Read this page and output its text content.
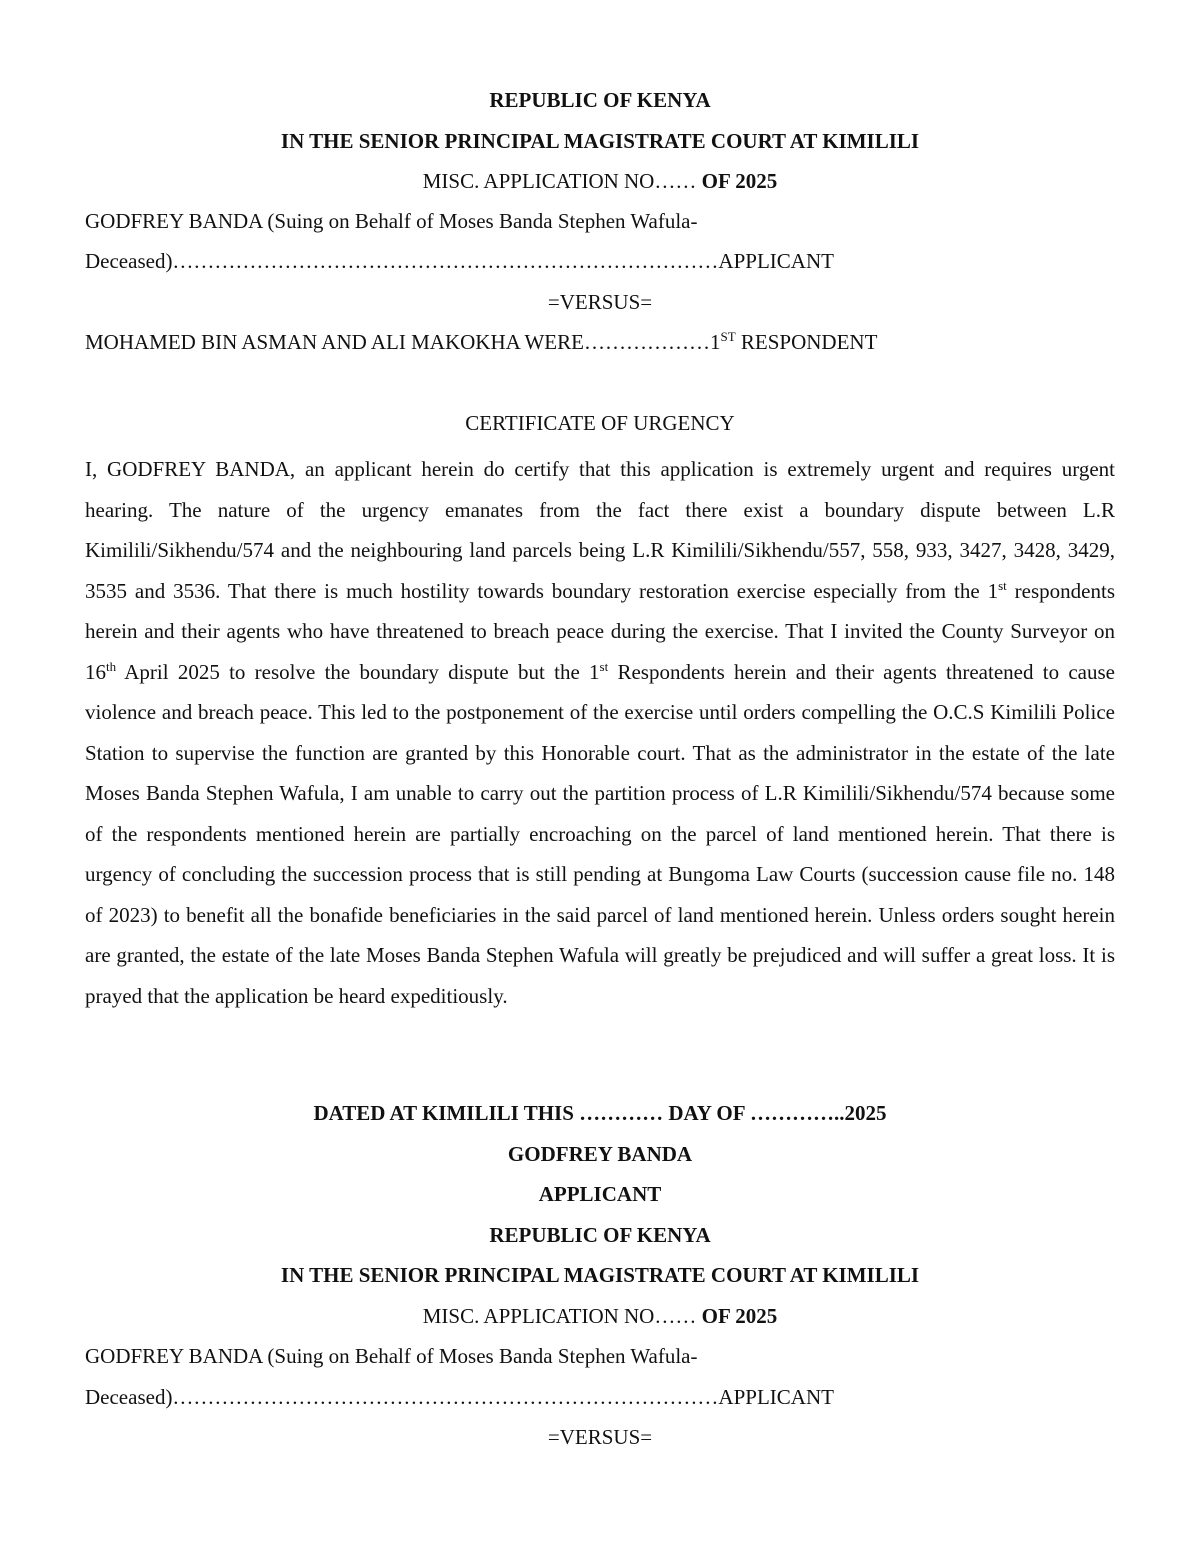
REPUBLIC OF KENYA
IN THE SENIOR PRINCIPAL MAGISTRATE COURT AT KIMILILI
MISC. APPLICATION NO…… OF 2025
GODFREY BANDA (Suing on Behalf of Moses Banda Stephen Wafula-
Deceased)……………………………………………………………………APPLICANT
=VERSUS=
MOHAMED BIN ASMAN AND ALI MAKOKHA WERE………………1ST RESPONDENT
CERTIFICATE OF URGENCY

I, GODFREY BANDA, an applicant herein do certify that this application is extremely urgent and requires urgent hearing. The nature of the urgency emanates from the fact there exist a boundary dispute between L.R Kimilili/Sikhendu/574 and the neighbouring land parcels being L.R Kimilili/Sikhendu/557, 558, 933, 3427, 3428, 3429, 3535 and 3536. That there is much hostility towards boundary restoration exercise especially from the 1st respondents herein and their agents who have threatened to breach peace during the exercise. That I invited the County Surveyor on 16th April 2025 to resolve the boundary dispute but the 1st Respondents herein and their agents threatened to cause violence and breach peace. This led to the postponement of the exercise until orders compelling the O.C.S Kimilili Police Station to supervise the function are granted by this Honorable court. That as the administrator in the estate of the late Moses Banda Stephen Wafula, I am unable to carry out the partition process of L.R Kimilili/Sikhendu/574 because some of the respondents mentioned herein are partially encroaching on the parcel of land mentioned herein. That there is urgency of concluding the succession process that is still pending at Bungoma Law Courts (succession cause file no. 148 of 2023) to benefit all the bonafide beneficiaries in the said parcel of land mentioned herein. Unless orders sought herein are granted, the estate of the late Moses Banda Stephen Wafula will greatly be prejudiced and will suffer a great loss. It is prayed that the application be heard expeditiously.

DATED AT KIMILILI THIS ………… DAY OF …………..2025
GODFREY BANDA
APPLICANT
REPUBLIC OF KENYA
IN THE SENIOR PRINCIPAL MAGISTRATE COURT AT KIMILILI
MISC. APPLICATION NO…… OF 2025
GODFREY BANDA (Suing on Behalf of Moses Banda Stephen Wafula-
Deceased)……………………………………………………………………APPLICANT
=VERSUS=
